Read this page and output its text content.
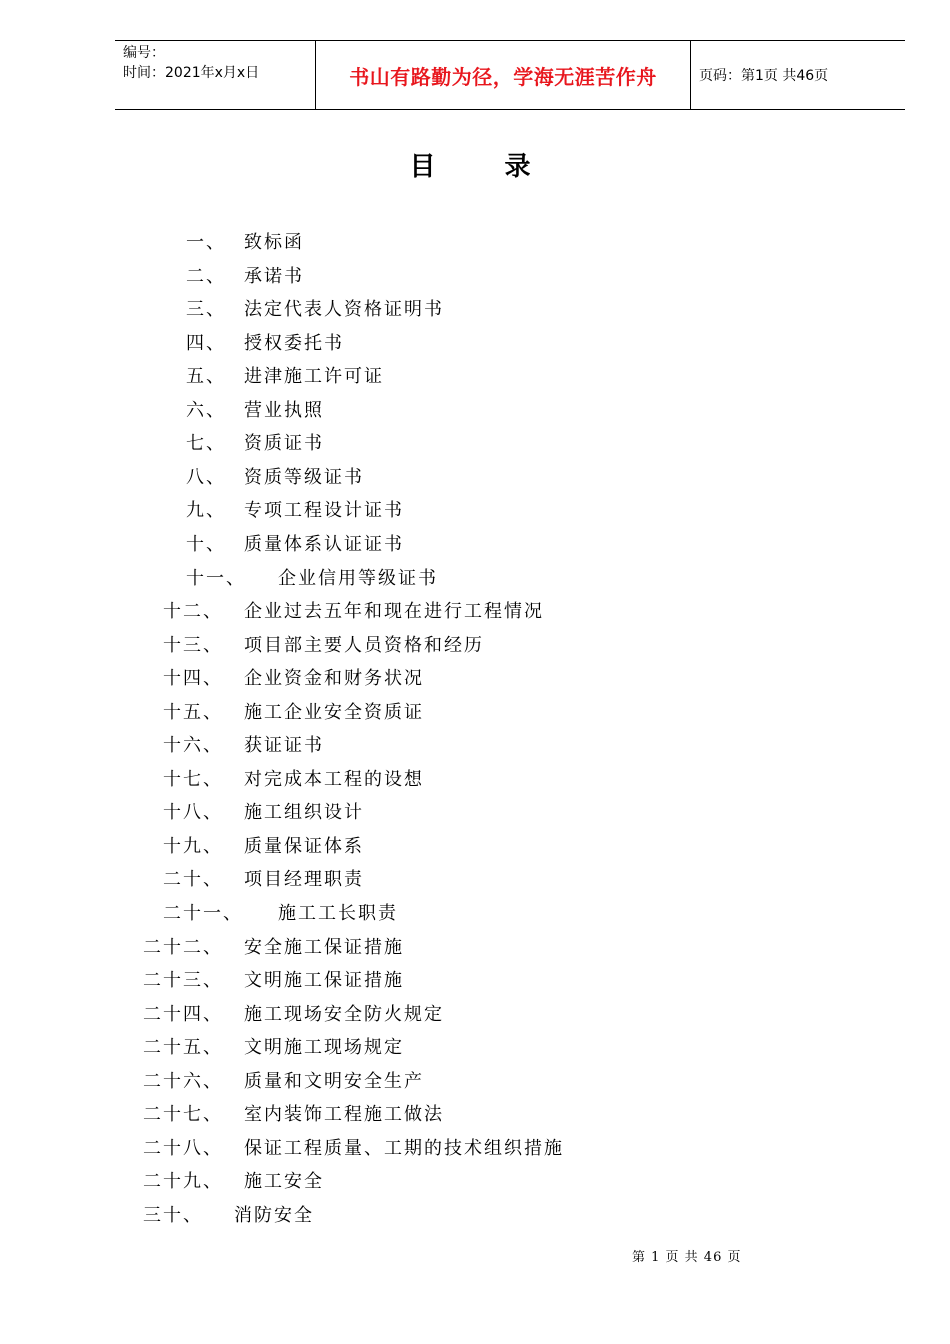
编号：
时间：2021年x月x日	书山有路勤为径，学海无涯苦作舟	页码：第1页 共46页
目 录
一、 致标函
二、 承诺书
三、 法定代表人资格证明书
四、 授权委托书
五、 进津施工许可证
六、 营业执照
七、 资质证书
八、 资质等级证书
九、 专项工程设计证书
十、 质量体系认证证书
十一、 企业信用等级证书
十二、 企业过去五年和现在进行工程情况
十三、 项目部主要人员资格和经历
十四、 企业资金和财务状况
十五、 施工企业安全资质证
十六、 获证证书
十七、 对完成本工程的设想
十八、 施工组织设计
十九、 质量保证体系
二十、 项目经理职责
二十一、 施工工长职责
二十二、 安全施工保证措施
二十三、 文明施工保证措施
二十四、 施工现场安全防火规定
二十五、 文明施工现场规定
二十六、 质量和文明安全生产
二十七、 室内装饰工程施工做法
二十八、 保证工程质量、工期的技术组织措施
二十九、 施工安全
三十、 消防安全
第 1 页 共 46 页
